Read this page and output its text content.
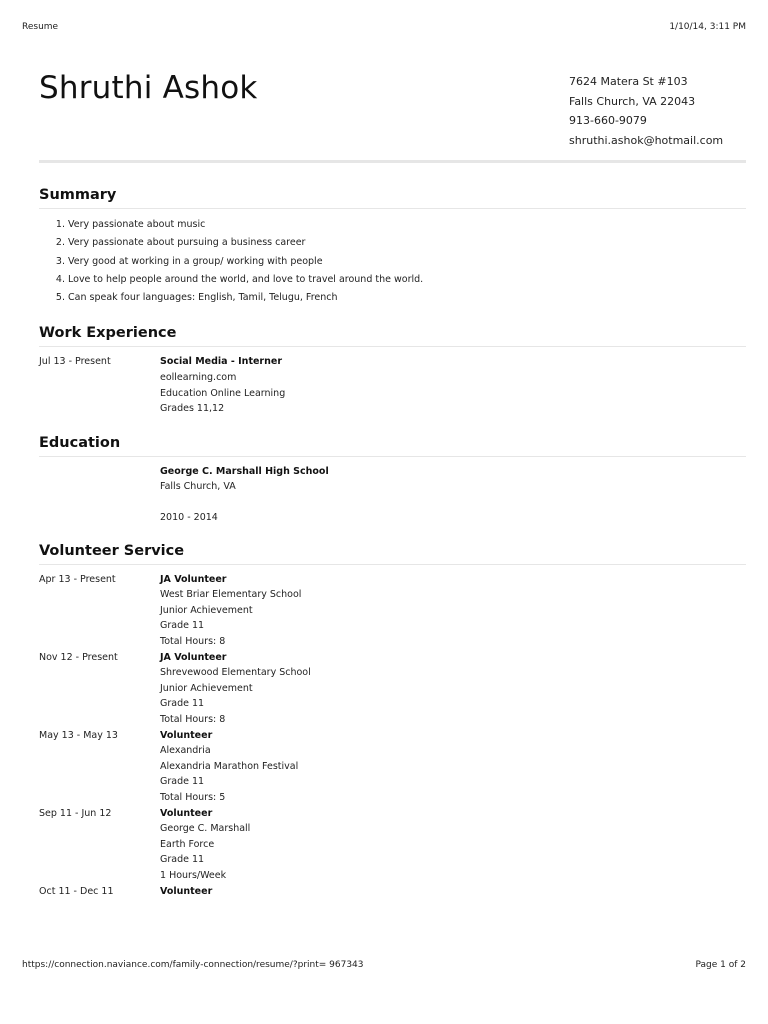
Resume	1/10/14, 3:11 PM
Shruthi Ashok	7624 Matera St #103
Falls Church, VA 22043
913-660-9079
shruthi.ashok@hotmail.com
Summary
1. Very passionate about music
2. Very passionate about pursuing a business career
3. Very good at working in a group/ working with people
4. Love to help people around the world, and love to travel around the world.
5. Can speak four languages: English, Tamil, Telugu, French
Work Experience
Jul 13 - Present	Social Media - Interner
eollearning.com
Education Online Learning
Grades 11,12
Education
George C. Marshall High School
Falls Church, VA
2010 - 2014
Volunteer Service
Apr 13 - Present	JA Volunteer
West Briar Elementary School
Junior Achievement
Grade 11
Total Hours: 8
Nov 12 - Present	JA Volunteer
Shrevewood Elementary School
Junior Achievement
Grade 11
Total Hours: 8
May 13 - May 13	Volunteer
Alexandria
Alexandria Marathon Festival
Grade 11
Total Hours: 5
Sep 11 - Jun 12	Volunteer
George C. Marshall
Earth Force
Grade 11
1 Hours/Week
Oct 11 - Dec 11	Volunteer
https://connection.naviance.com/family-connection/resume/?print= 967343	Page 1 of 2
